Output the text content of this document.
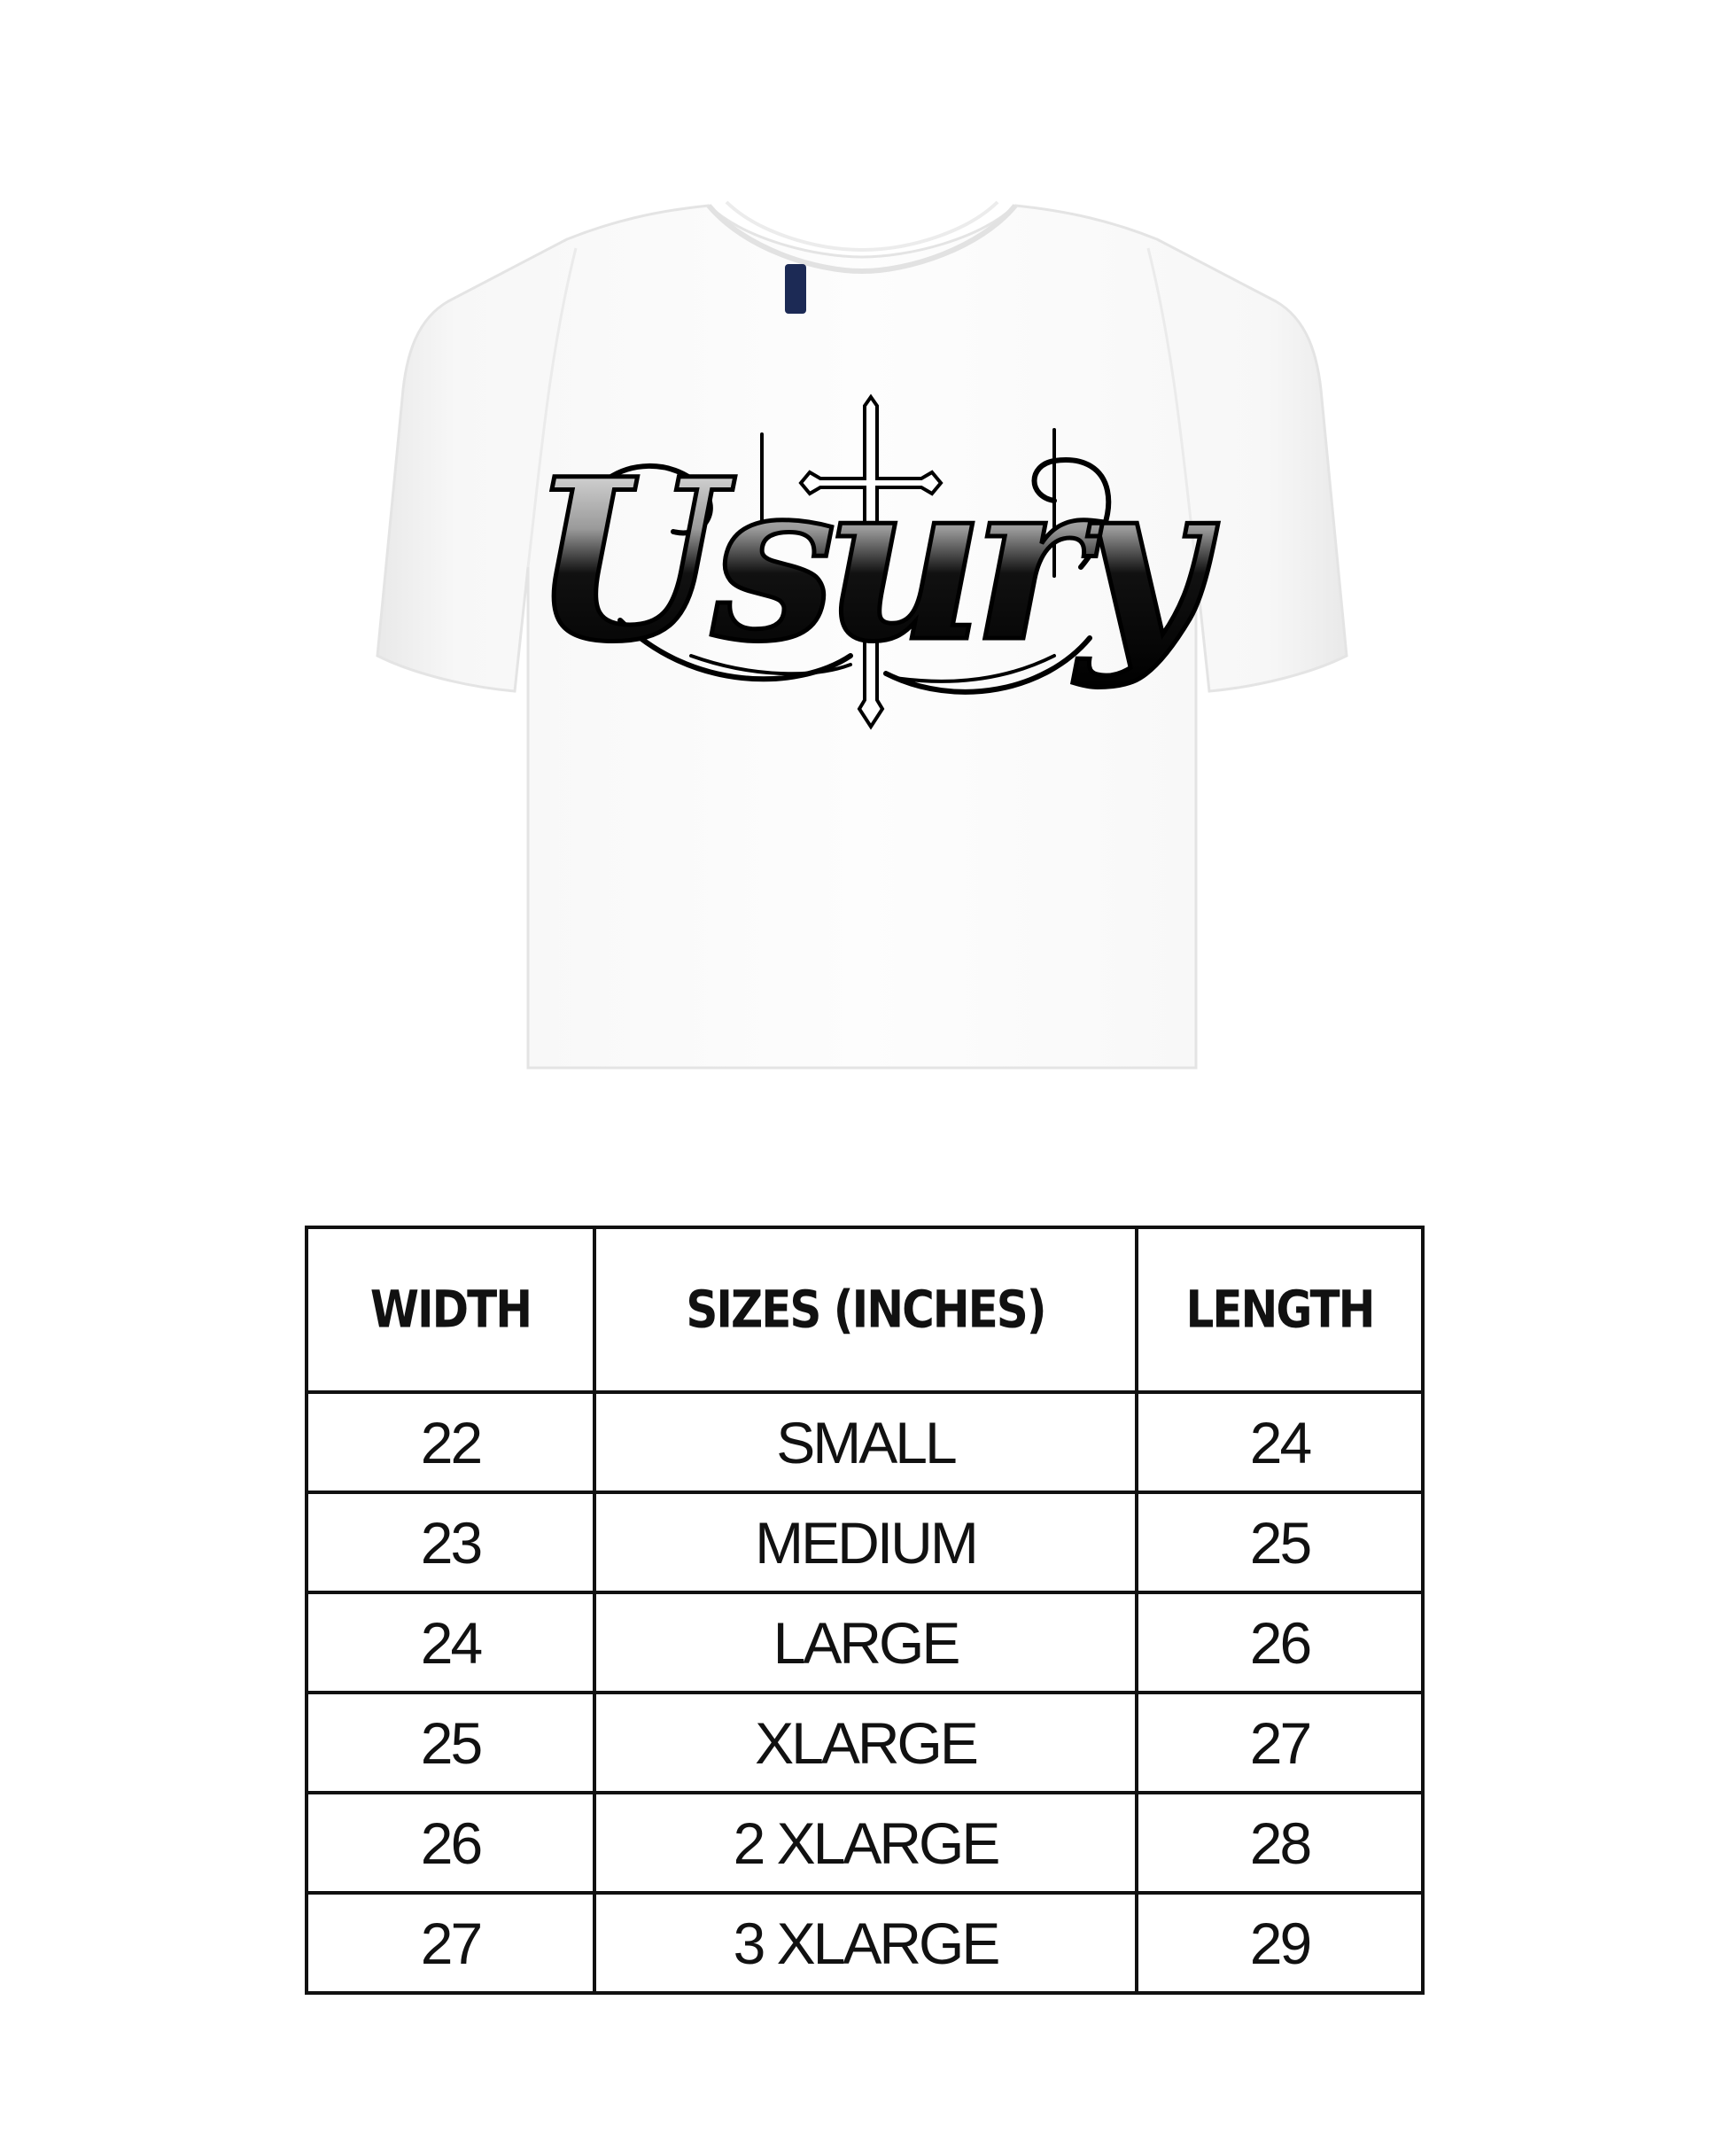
Usury
WIDTH	SIZES (INCHES)	LENGTH
22	SMALL	24
23	MEDIUM	25
24	LARGE	26
25	XLARGE	27
26	2 XLARGE	28
27	3 XLARGE	29
